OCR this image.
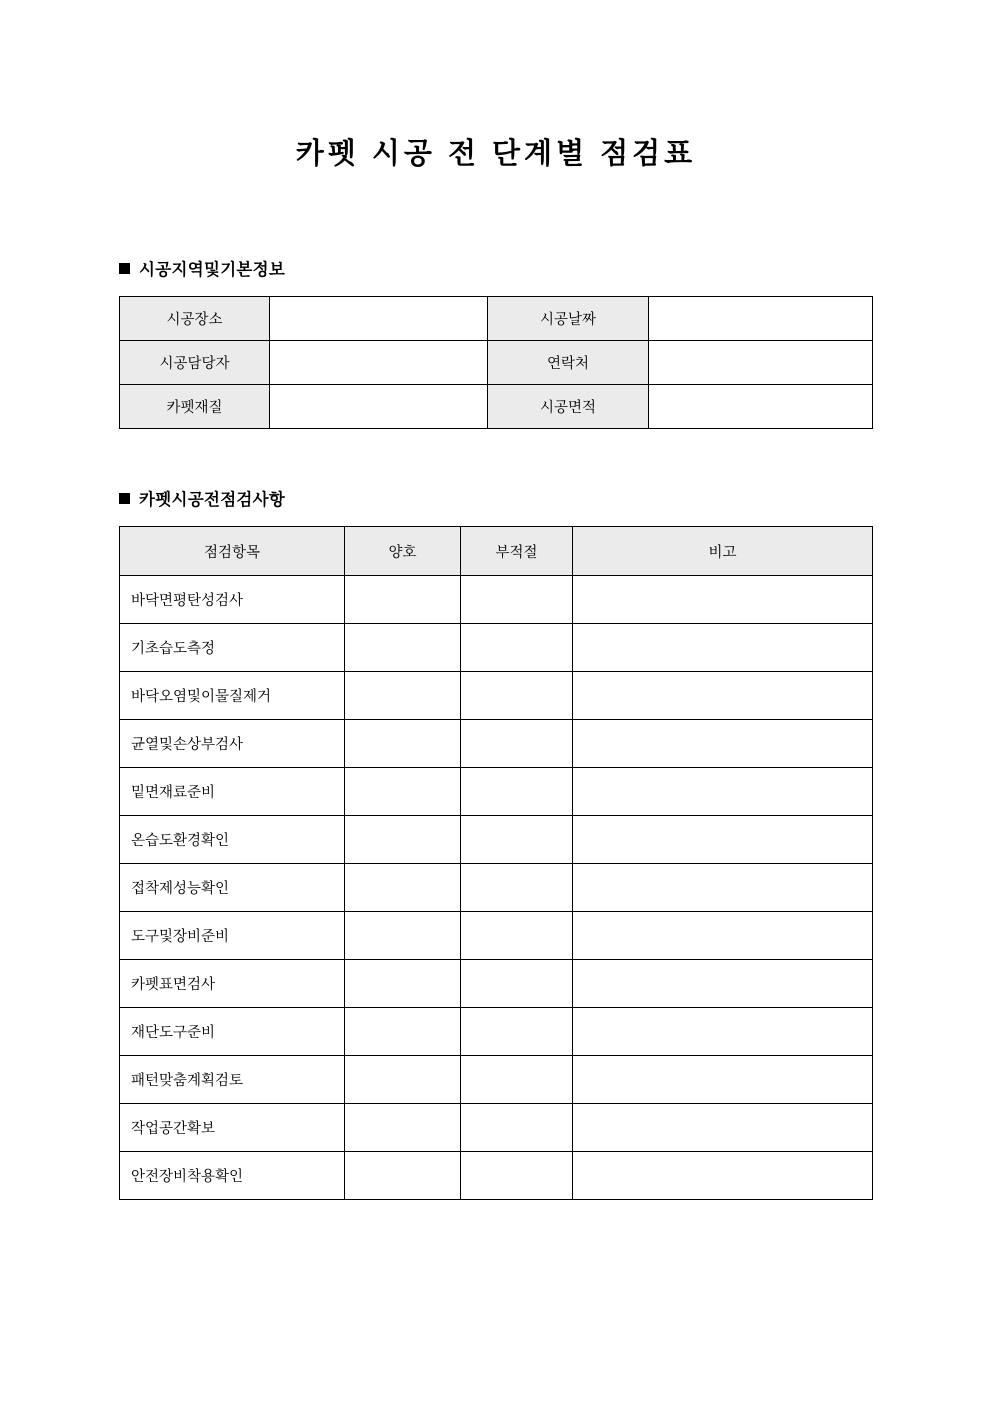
카펫 시공 전 단계별 점검표
시공지역및기본정보
시공장소		시공날짜	
시공담당자		연락처	
카펫재질		시공면적	
카펫시공전점검사항
점검항목	양호	부적절	비고
바닥면평탄성검사			
기초습도측정			
바닥오염및이물질제거			
균열및손상부검사			
밑면재료준비			
온습도환경확인			
접착제성능확인			
도구및장비준비			
카펫표면검사			
재단도구준비			
패턴맞춤계획검토			
작업공간확보			
안전장비착용확인			
